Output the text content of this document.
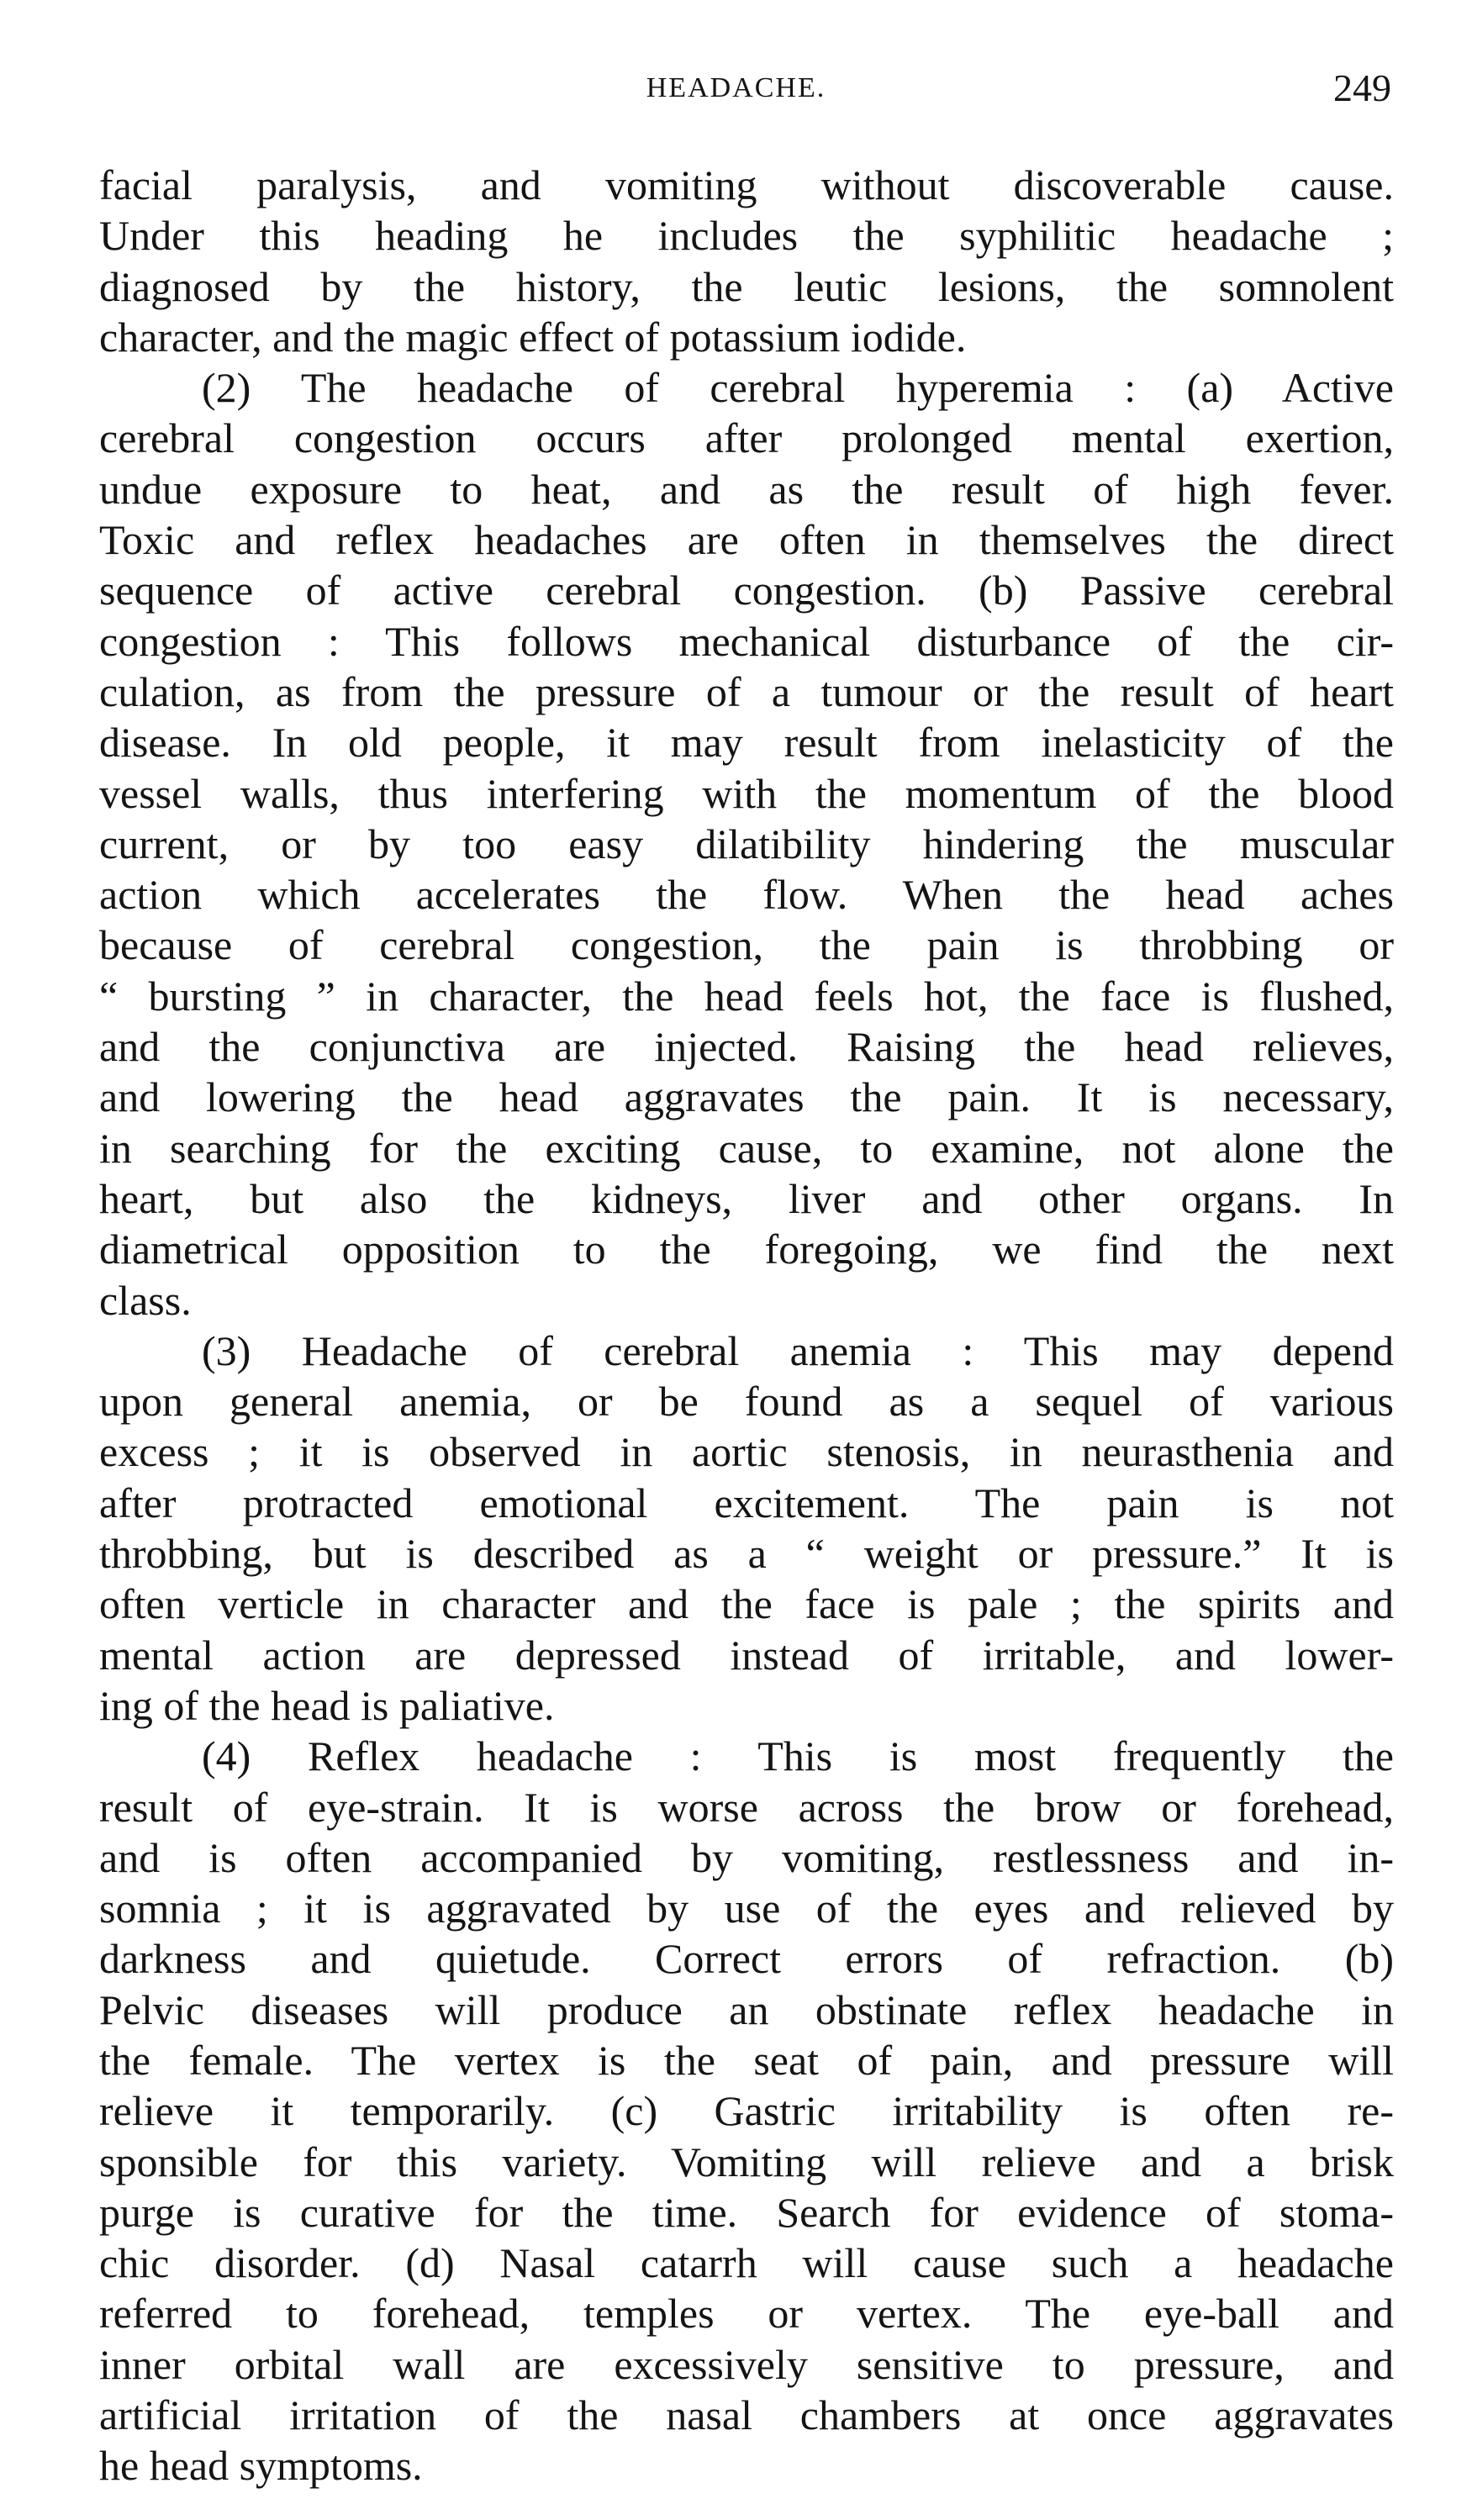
HEADACHE.	249
facial paralysis, and vomiting without discoverable cause.
Under this heading he includes the syphilitic headache ;
diagnosed by the history, the leutic lesions, the somnolent
character, and the magic effect of potassium iodide.
(2) The headache of cerebral hyperemia : (a) Active
cerebral congestion occurs after prolonged mental exertion,
undue exposure to heat, and as the result of high fever.
Toxic and reflex headaches are often in themselves the direct
sequence of active cerebral congestion. (b) Passive cerebral
congestion : This follows mechanical disturbance of the cir-
culation, as from the pressure of a tumour or the result of heart
disease. In old people, it may result from inelasticity of the
vessel walls, thus interfering with the momentum of the blood
current, or by too easy dilatibility hindering the muscular
action which accelerates the flow. When the head aches
because of cerebral congestion, the pain is throbbing or
“ bursting ” in character, the head feels hot, the face is flushed,
and the conjunctiva are injected. Raising the head relieves,
and lowering the head aggravates the pain. It is necessary,
in searching for the exciting cause, to examine, not alone the
heart, but also the kidneys, liver and other organs. In
diametrical opposition to the foregoing, we find the next
class.
(3) Headache of cerebral anemia : This may depend
upon general anemia, or be found as a sequel of various
excess ; it is observed in aortic stenosis, in neurasthenia and
after protracted emotional excitement. The pain is not
throbbing, but is described as a “ weight or pressure.” It is
often verticle in character and the face is pale ; the spirits and
mental action are depressed instead of irritable, and lower-
ing of the head is paliative.
(4) Reflex headache : This is most frequently the
result of eye-strain. It is worse across the brow or forehead,
and is often accompanied by vomiting, restlessness and in-
somnia ; it is aggravated by use of the eyes and relieved by
darkness and quietude. Correct errors of refraction. (b)
Pelvic diseases will produce an obstinate reflex headache in
the female. The vertex is the seat of pain, and pressure will
relieve it temporarily. (c) Gastric irritability is often re-
sponsible for this variety. Vomiting will relieve and a brisk
purge is curative for the time. Search for evidence of stoma-
chic disorder. (d) Nasal catarrh will cause such a headache
referred to forehead, temples or vertex. The eye-ball and
inner orbital wall are excessively sensitive to pressure, and
artificial irritation of the nasal chambers at once aggravates
he head symptoms.
